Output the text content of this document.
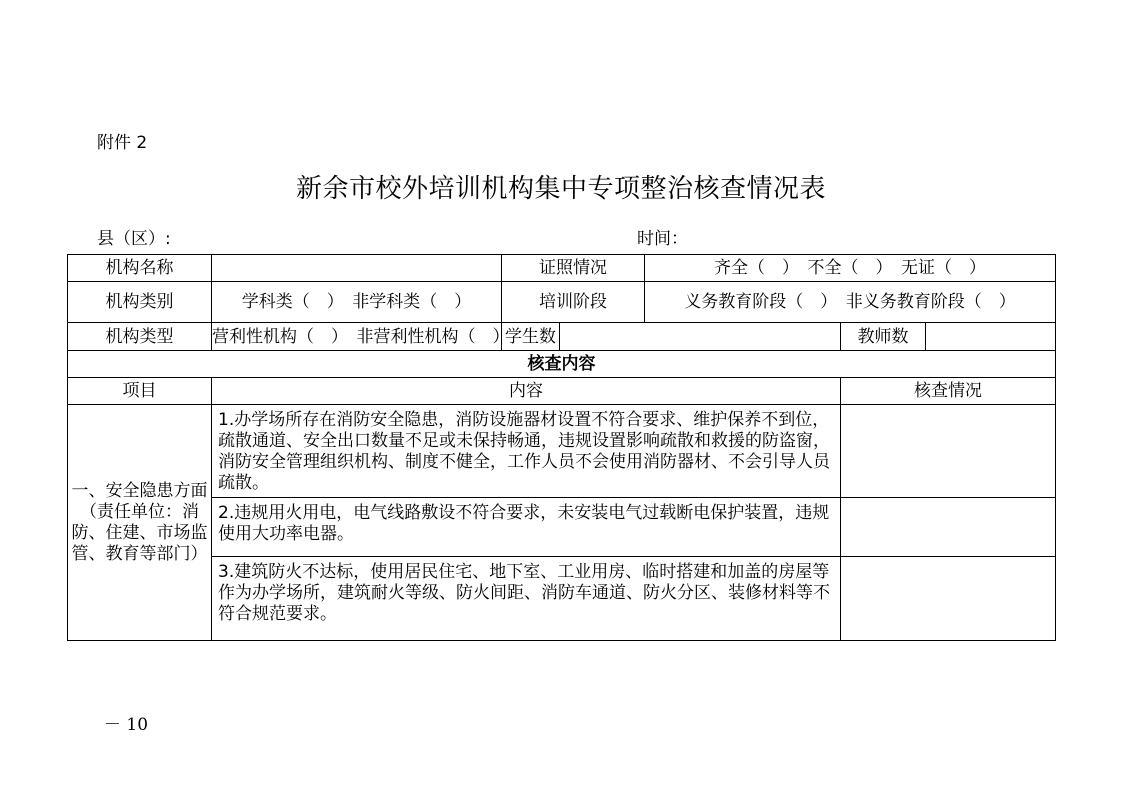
附件 2
新余市校外培训机构集中专项整治核查情况表
县（区）:	时间：
机构名称		证照情况		齐全（　）　不全（　）　无证（　）		
机构类别	学科类（　）　非学科类（　）	培训阶段		义务教育阶段（　）　非义务教育阶段（　）		
机构类型	营利性机构（　）　非营利性机构（　）	学生数			教师数	
核查内容						
项目	内容				核查情况	
一、安全隐患方面（责任单位：消防、住建、市场监管、教育等部门）	1.办学场所存在消防安全隐患，消防设施器材设置不符合要求、维护保养不到位，疏散通道、安全出口数量不足或未保持畅通，违规设置影响疏散和救援的防盗窗，消防安全管理组织机构、制度不健全，工作人员不会使用消防器材、不会引导人员疏散。					
	2.违规用火用电，电气线路敷设不符合要求，未安装电气过载断电保护装置，违规使用大功率电器。					
	3.建筑防火不达标，使用居民住宅、地下室、工业用房、临时搭建和加盖的房屋等作为办学场所，建筑耐火等级、防火间距、消防车通道、防火分区、装修材料等不符合规范要求。					
－ 10
